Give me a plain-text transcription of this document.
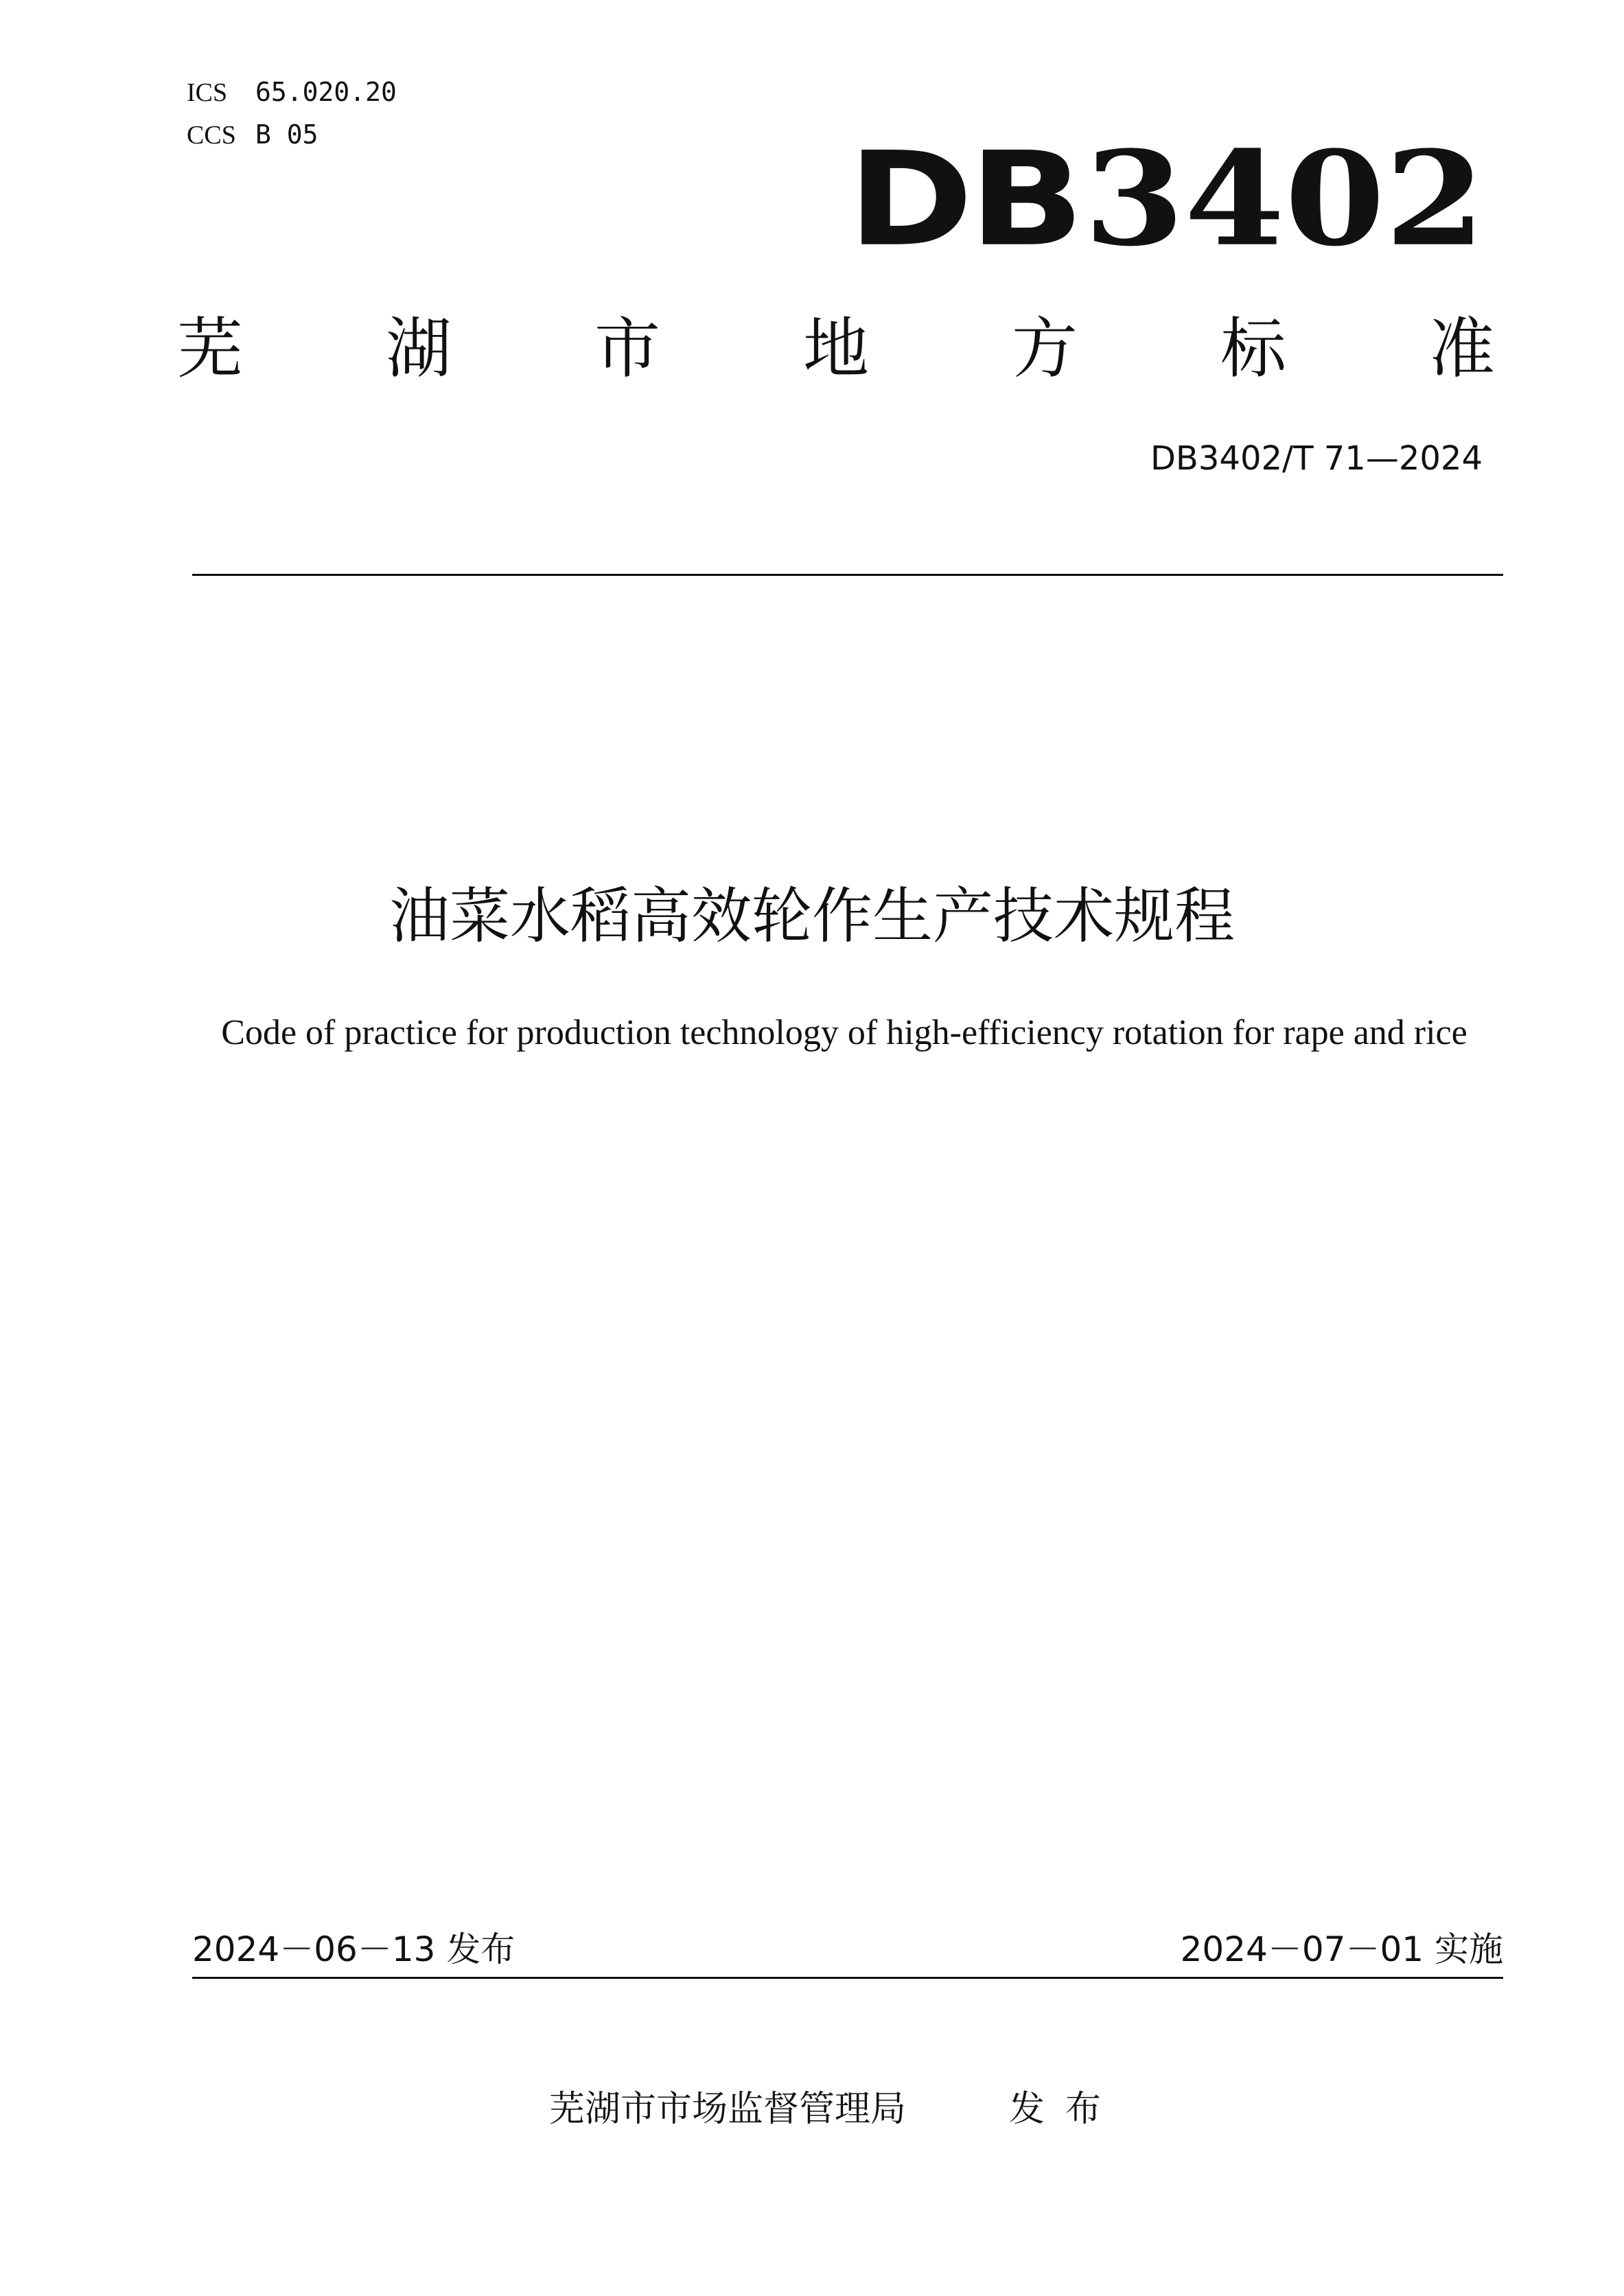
ICS 65.020.20
CCS B 05	DB3402
芜 湖 市 地 方 标 准
DB3402/T 71—2024
油菜水稻高效轮作生产技术规程
Code of practice for production technology of high-efficiency rotation for rape and rice
2024－06－13 发布	2024－07－01 实施
芜湖市市场监督管理局	发布
